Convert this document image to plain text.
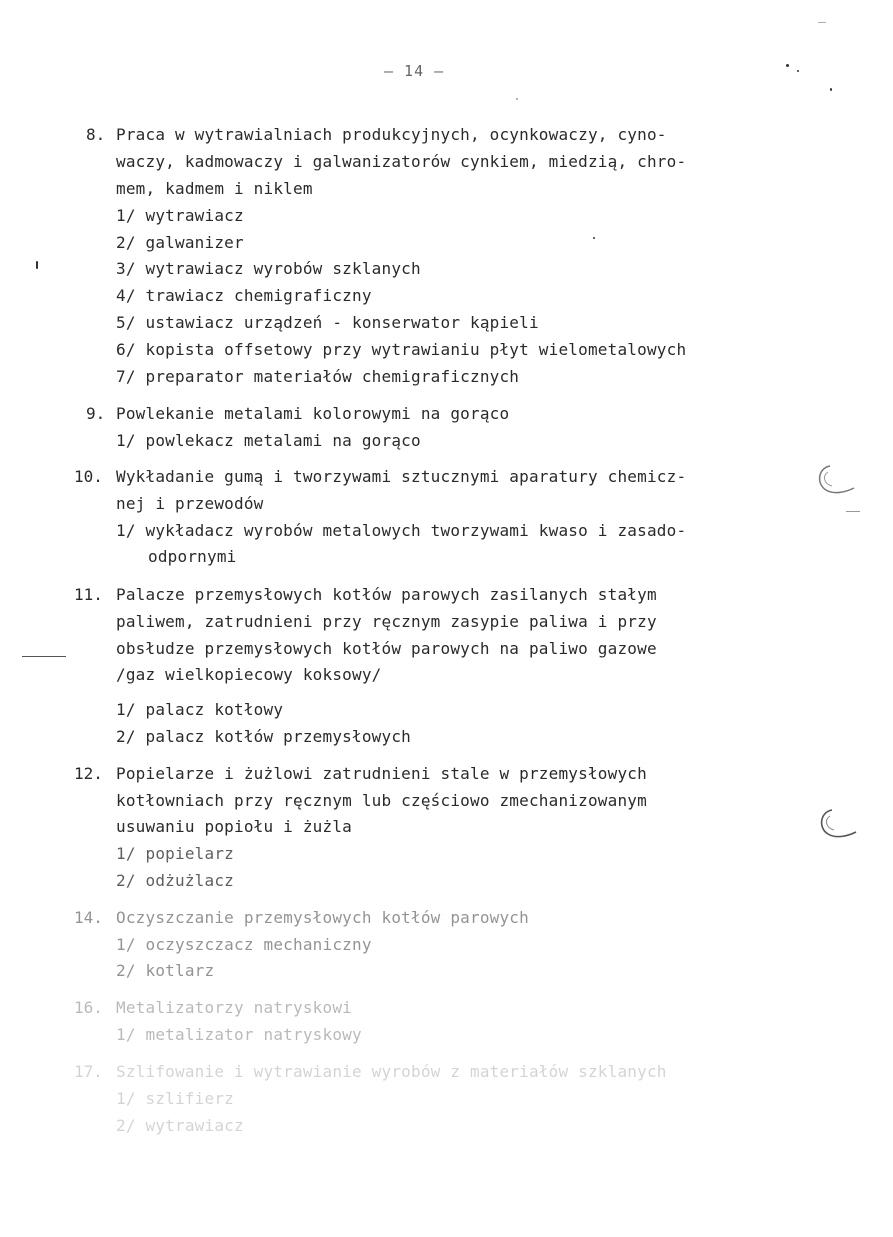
— 14 —
8. Praca w wytrawialniach produkcyjnych, ocynkowaczy, cyno-
waczy, kadmowaczy i galwanizatorów cynkiem, miedzią, chro-
mem, kadmem i niklem
1/ wytrawiacz
2/ galwanizer
3/ wytrawiacz wyrobów szklanych
4/ trawiacz chemigraficzny
5/ ustawiacz urządzeń - konserwator kąpieli
6/ kopista offsetowy przy wytrawianiu płyt wielometalowych
7/ preparator materiałów chemigraficznych
9. Powlekanie metalami kolorowymi na gorąco
1/ powlekacz metalami na gorąco
10. Wykładanie gumą i tworzywami sztucznymi aparatury chemicz-
nej i przewodów
1/ wykładacz wyrobów metalowych tworzywami kwaso i zasado-
odpornymi
11. Palacze przemysłowych kotłów parowych zasilanych stałym
paliwem, zatrudnieni przy ręcznym zasypie paliwa i przy
obsłudze przemysłowych kotłów parowych na paliwo gazowe
/gaz wielkopiecowy koksowy/
1/ palacz kotłowy
2/ palacz kotłów przemysłowych
12. Popielarze i żużlowi zatrudnieni stale w przemysłowych
kotłowniach przy ręcznym lub częściowo zmechanizowanym
usuwaniu popiołu i żużla
1/ popielarz
2/ odżużlacz
14. Oczyszczanie przemysłowych kotłów parowych
1/ oczyszczacz mechaniczny
2/ kotlarz
16. Metalizatorzy natryskowi
1/ metalizator natryskowy
17. Szlifowanie i wytrawianie wyrobów z materiałów szklanych
1/ szlifierz
2/ wytrawiacz
